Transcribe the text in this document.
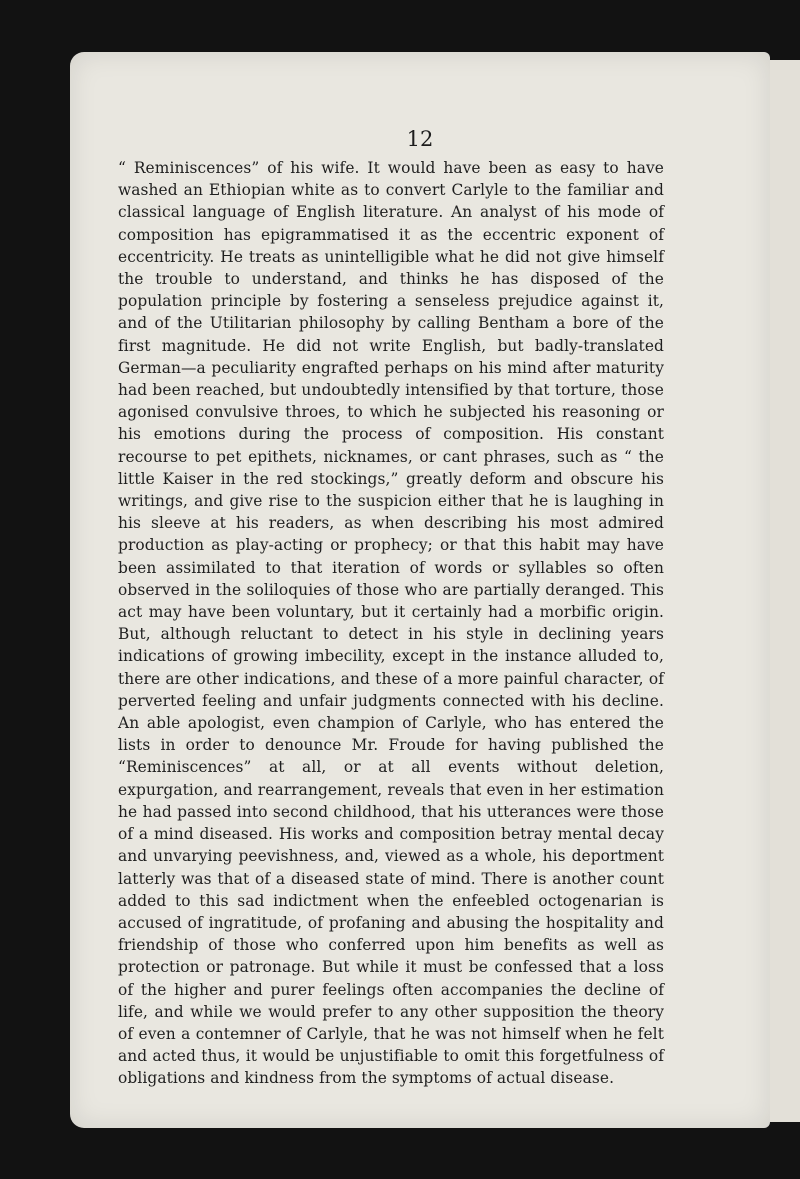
12

“ Reminiscences” of his wife. It would have been as easy to have washed an Ethiopian white as to convert Carlyle to the familiar and classical language of English literature. An analyst of his mode of composition has epigrammatised it as the eccentric exponent of eccentricity. He treats as unintelligible what he did not give himself the trouble to understand, and thinks he has disposed of the population principle by fostering a senseless prejudice against it, and of the Utilitarian philosophy by calling Bentham a bore of the first magnitude. He did not write English, but badly-translated German—a peculiarity engrafted perhaps on his mind after maturity had been reached, but undoubtedly intensified by that torture, those agonised convulsive throes, to which he subjected his reasoning or his emotions during the process of composition. His constant recourse to pet epithets, nicknames, or cant phrases, such as “ the little Kaiser in the red stockings,” greatly deform and obscure his writings, and give rise to the suspicion either that he is laughing in his sleeve at his readers, as when describing his most admired production as play-acting or prophecy; or that this habit may have been assimilated to that iteration of words or syllables so often observed in the soliloquies of those who are partially deranged. This act may have been voluntary, but it certainly had a morbific origin. But, although reluctant to detect in his style in declining years indications of growing imbecility, except in the instance alluded to, there are other indications, and these of a more painful character, of perverted feeling and unfair judgments connected with his decline. An able apologist, even champion of Carlyle, who has entered the lists in order to denounce Mr. Froude for having published the “Reminiscences” at all, or at all events without deletion, expurgation, and rearrangement, reveals that even in her estimation he had passed into second childhood, that his utterances were those of a mind diseased. His works and composition betray mental decay and unvarying peevishness, and, viewed as a whole, his deportment latterly was that of a diseased state of mind. There is another count added to this sad indictment when the enfeebled octogenarian is accused of ingratitude, of profaning and abusing the hospitality and friendship of those who conferred upon him benefits as well as protection or patronage. But while it must be confessed that a loss of the higher and purer feelings often accompanies the decline of life, and while we would prefer to any other supposition the theory of even a contemner of Carlyle, that he was not himself when he felt and acted thus, it would be unjustifiable to omit this forgetfulness of obligations and kindness from the symptoms of actual disease.
